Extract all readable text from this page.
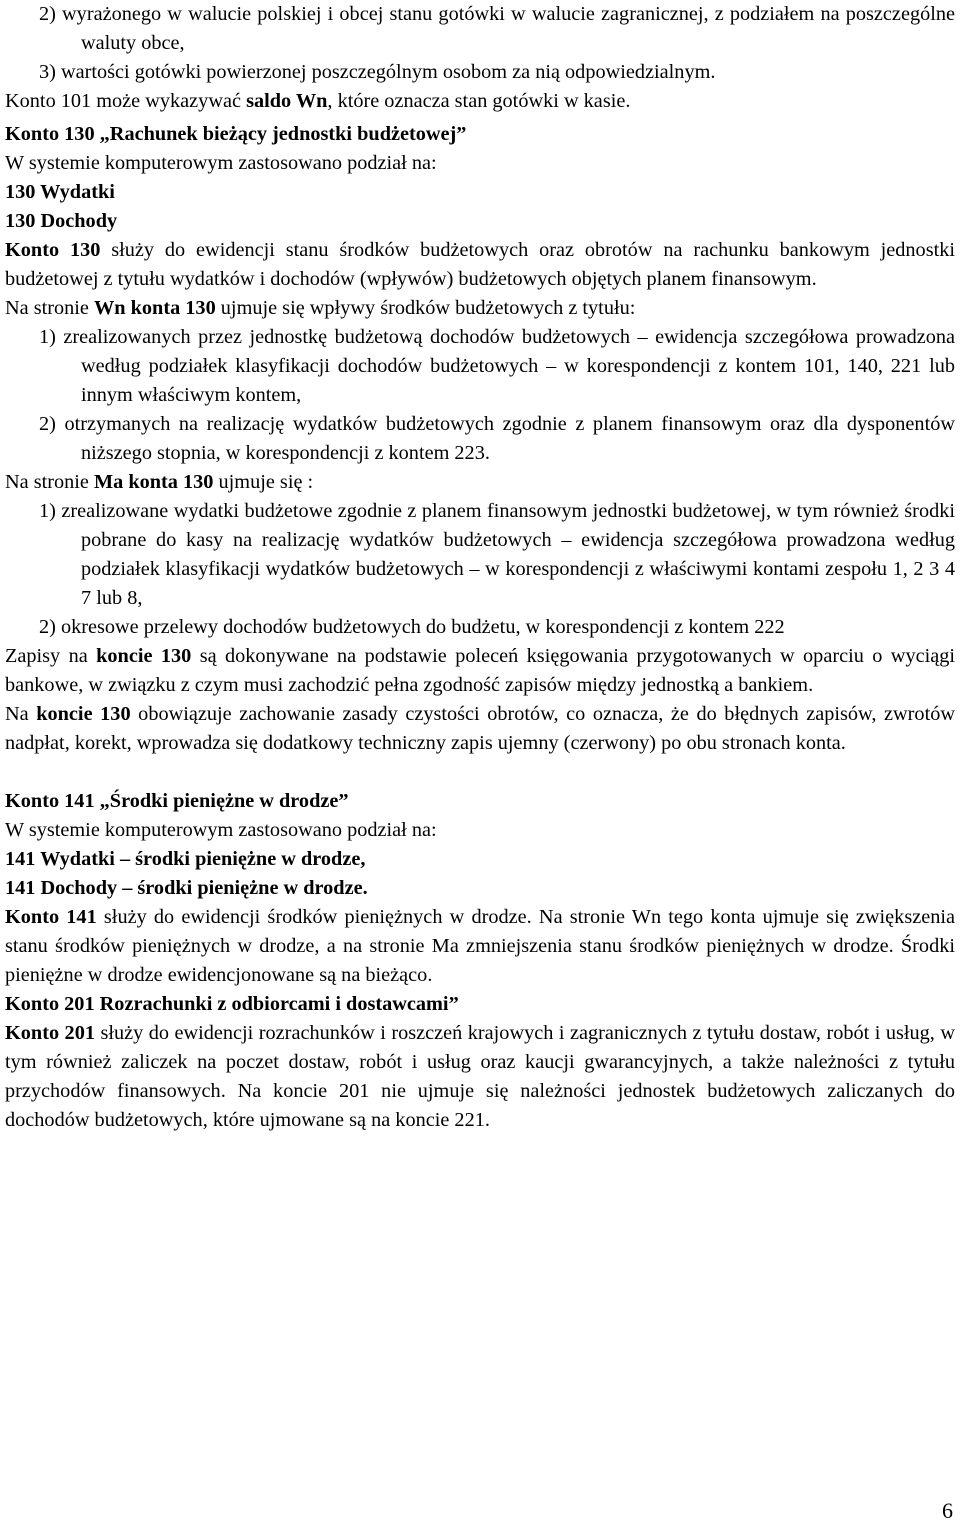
2) wyrażonego w walucie polskiej i obcej stanu gotówki w walucie zagranicznej, z podziałem na poszczególne waluty obce,

3) wartości gotówki powierzonej poszczególnym osobom za nią odpowiedzialnym.

Konto 101 może wykazywać saldo Wn, które oznacza stan gotówki w kasie.

Konto 130 „Rachunek bieżący jednostki budżetowej”

W systemie komputerowym zastosowano podział na:

130 Wydatki

130 Dochody

Konto 130 służy do ewidencji stanu środków budżetowych oraz obrotów na rachunku bankowym jednostki budżetowej z tytułu wydatków i dochodów (wpływów) budżetowych objętych planem finansowym.

Na stronie Wn konta 130 ujmuje się wpływy środków budżetowych z tytułu:

1) zrealizowanych przez jednostkę budżetową dochodów budżetowych – ewidencja szczegółowa prowadzona według podziałek klasyfikacji dochodów budżetowych – w korespondencji z kontem 101, 140, 221 lub innym właściwym kontem,

2) otrzymanych na realizację wydatków budżetowych zgodnie z planem finansowym oraz dla dysponentów niższego stopnia, w korespondencji z kontem 223.

Na stronie Ma konta 130 ujmuje się :

1) zrealizowane wydatki budżetowe zgodnie z planem finansowym jednostki budżetowej, w tym również środki pobrane do kasy na realizację wydatków budżetowych – ewidencja szczegółowa prowadzona według podziałek klasyfikacji wydatków budżetowych – w korespondencji z właściwymi kontami zespołu 1, 2 3 4 7 lub 8,

2) okresowe przelewy dochodów budżetowych do budżetu, w korespondencji z kontem 222

Zapisy na koncie 130 są dokonywane na podstawie poleceń księgowania przygotowanych w oparciu o wyciągi bankowe, w związku z czym musi zachodzić pełna zgodność zapisów między jednostką a bankiem.

Na koncie 130 obowiązuje zachowanie zasady czystości obrotów, co oznacza, że do błędnych zapisów, zwrotów nadpłat, korekt, wprowadza się dodatkowy techniczny zapis ujemny (czerwony) po obu stronach konta.

Konto 141 „Środki pieniężne w drodze”

W systemie komputerowym zastosowano podział na:

141 Wydatki – środki pieniężne w drodze,

141 Dochody – środki pieniężne w drodze.

Konto 141 służy do ewidencji środków pieniężnych w drodze. Na stronie Wn tego konta ujmuje się zwiększenia stanu środków pieniężnych w drodze, a na stronie Ma zmniejszenia stanu środków pieniężnych w drodze. Środki pieniężne w drodze ewidencjonowane są na bieżąco.

Konto 201 Rozrachunki z odbiorcami i dostawcami”

Konto 201 służy do ewidencji rozrachunków i roszczeń krajowych i zagranicznych z tytułu dostaw, robót i usług, w tym również zaliczek na poczet dostaw, robót i usług oraz kaucji gwarancyjnych, a także należności z tytułu przychodów finansowych. Na koncie 201 nie ujmuje się należności jednostek budżetowych zaliczanych do dochodów budżetowych, które ujmowane są na koncie 221.

6
